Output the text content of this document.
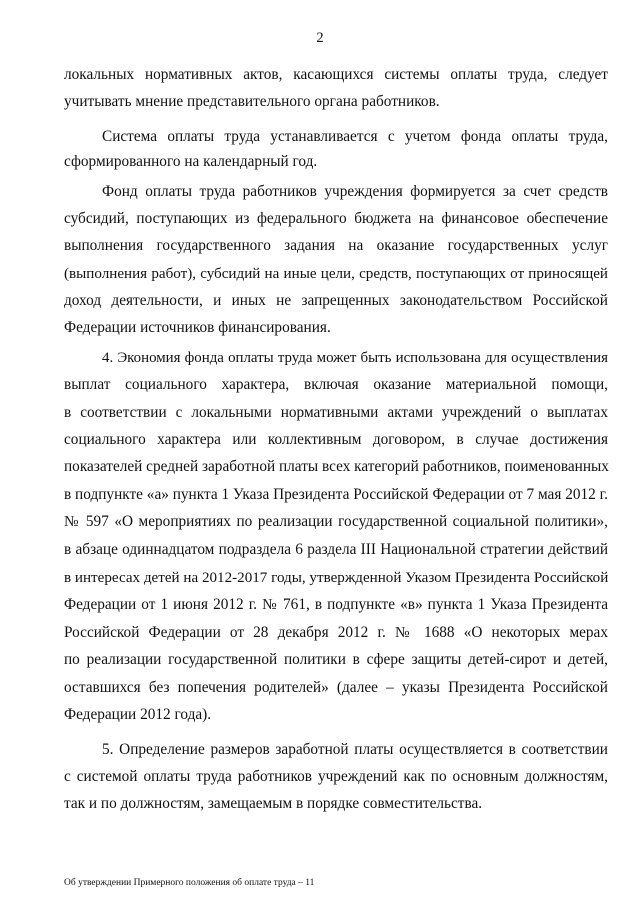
2
локальных нормативных актов, касающихся системы оплаты труда, следует
учитывать мнение представительного органа работников.
Система оплаты труда устанавливается с учетом фонда оплаты труда,
сформированного на календарный год.
Фонд оплаты труда работников учреждения формируется за счет средств
субсидий, поступающих из федерального бюджета на финансовое обеспечение
выполнения государственного задания на оказание государственных услуг
(выполнения работ), субсидий на иные цели, средств, поступающих от приносящей
доход деятельности, и иных не запрещенных законодательством Российской
Федерации источников финансирования.
4. Экономия фонда оплаты труда может быть использована для осуществления
выплат социального характера, включая оказание материальной помощи,
в соответствии с локальными нормативными актами учреждений о выплатах
социального характера или коллективным договором, в случае достижения
показателей средней заработной платы всех категорий работников, поименованных
в подпункте «а» пункта 1 Указа Президента Российской Федерации от 7 мая 2012 г.
№ 597 «О мероприятиях по реализации государственной социальной политики»,
в абзаце одиннадцатом подраздела 6 раздела III Национальной стратегии действий
в интересах детей на 2012-2017 годы, утвержденной Указом Президента Российской
Федерации от 1 июня 2012 г. № 761, в подпункте «в» пункта 1 Указа Президента
Российской Федерации от 28 декабря 2012 г. № 1688 «О некоторых мерах
по реализации государственной политики в сфере защиты детей-сирот и детей,
оставшихся без попечения родителей» (далее – указы Президента Российской
Федерации 2012 года).
5. Определение размеров заработной платы осуществляется в соответствии
с системой оплаты труда работников учреждений как по основным должностям,
так и по должностям, замещаемым в порядке совместительства.
Об утверждении Примерного положения об оплате труда – 11
